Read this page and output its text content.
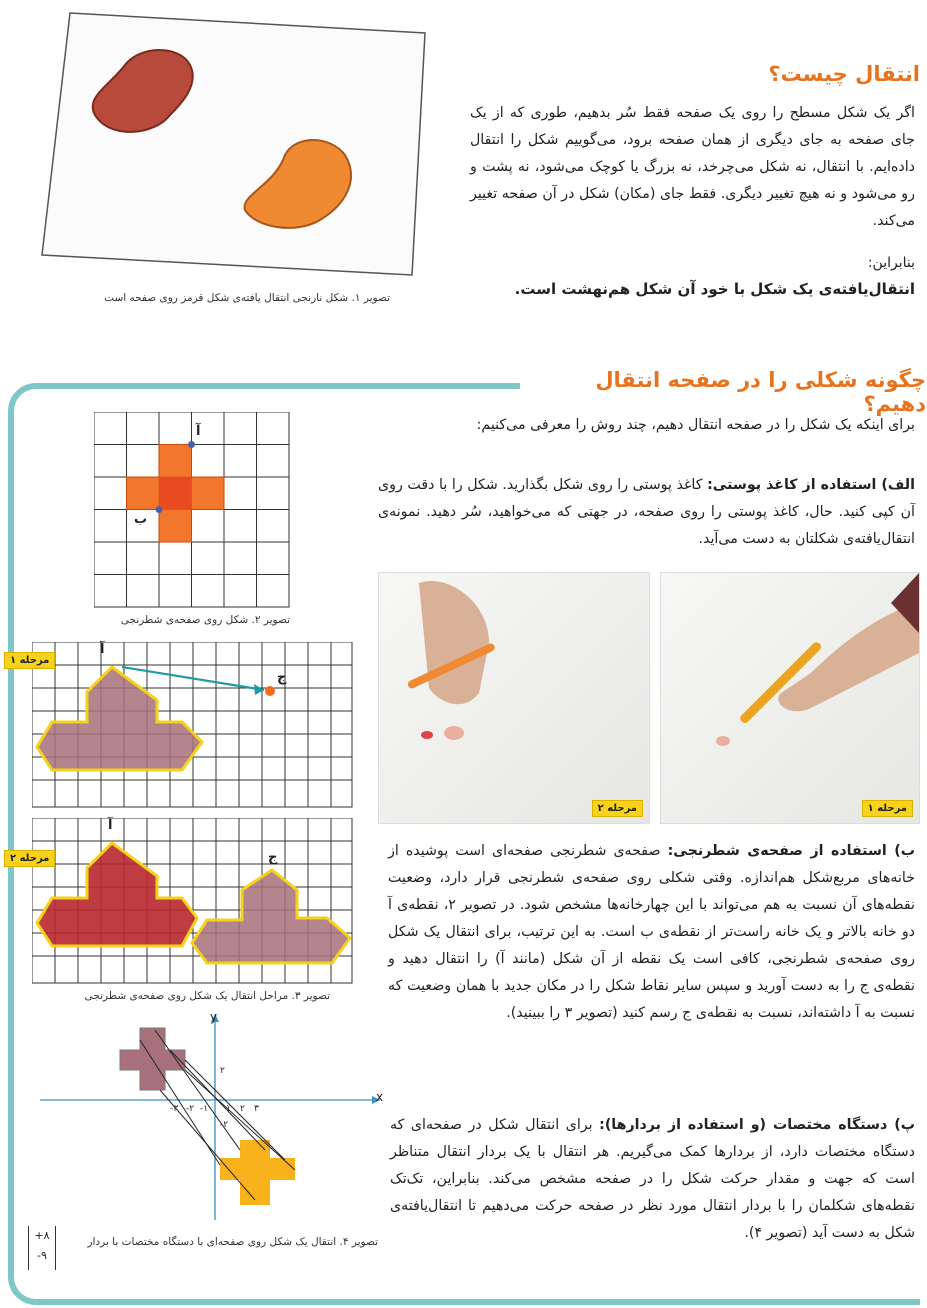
تصویر ۱. شکل نارنجی انتقال یافته‌ی شکل قرمز روی صفحه است
انتقال چیست؟
اگر یک شکل مسطح را روی یک صفحه فقط سُر بدهیم، طوری که از یک جای صفحه به جای دیگری از همان صفحه برود، می‌گوییم شکل را انتقال داده‌ایم. با انتقال، نه شکل می‌چرخد، نه بزرگ یا کوچک می‌شود، نه پشت و رو می‌شود و نه هیچ تغییر دیگری. فقط جای (مکان) شکل در آن صفحه تغییر می‌کند.
بنابراین:
انتقال‌یافته‌ی یک شکل با خود آن شکل هم‌نهشت است.
چگونه شکلی را در صفحه انتقال دهیم؟
برای اینکه یک شکل را در صفحه انتقال دهیم، چند روش را معرفی می‌کنیم:
الف) استفاده از کاغذ پوستی: کاغذ پوستی را روی شکل بگذارید. شکل را با دقت روی آن کپی کنید. حال، کاغذ پوستی را روی صفحه، در جهتی که می‌خواهید، سُر دهید. نمونه‌ی انتقال‌یافته‌ی شکلتان به دست می‌آید.
مرحله ۲	مرحله ۱
ب) استفاده از صفحه‌ی شطرنجی: صفحه‌ی شطرنجی صفحه‌ای است پوشیده از خانه‌های مربع‌شکل هم‌اندازه. وقتی شکلی روی صفحه‌ی شطرنجی قرار دارد، وضعیت نقطه‌های آن نسبت به هم می‌تواند با این چهارخانه‌ها مشخص شود. در تصویر ۲، نقطه‌ی آ دو خانه بالاتر و یک خانه راست‌تر از نقطه‌ی ب است. به این ترتیب، برای انتقال یک شکل روی صفحه‌ی شطرنجی، کافی است یک نقطه از آن شکل (مانند آ) را انتقال دهید و نقطه‌ی ج را به دست آورید و سپس سایر نقاط شکل را در مکان جدید با همان وضعیت که نسبت به آ داشته‌اند، نسبت به نقطه‌ی ج رسم کنید (تصویر ۳ را ببینید).
پ) دستگاه مختصات (و استفاده از بردارها): برای انتقال شکل در صفحه‌ای که دستگاه مختصات دارد، از بردارها کمک می‌گیریم. هر انتقال با یک بردار انتقال متناظر است که جهت و مقدار حرکت شکل را در صفحه مشخص می‌کند. بنابراین، تک‌تک نقطه‌های شکلمان را با بردار انتقال مورد نظر در صفحه حرکت می‌دهیم تا انتقال‌یافته‌ی شکل به دست آید (تصویر ۴).
آ
ب
تصویر ۲. شکل روی صفحه‌ی شطرنجی
مرحله ۱
آ
ج
مرحله ۲
آ
ج
تصویر ۳. مراحل انتقال یک شکل روی صفحه‌ی شطرنجی
x
y
-۳ -۲ -۱ ۱ ۲ ۳
۲
-۲
تصویر ۴. انتقال یک شکل روی صفحه‌ای با دستگاه مختصات با بردار
+۸
-۹
